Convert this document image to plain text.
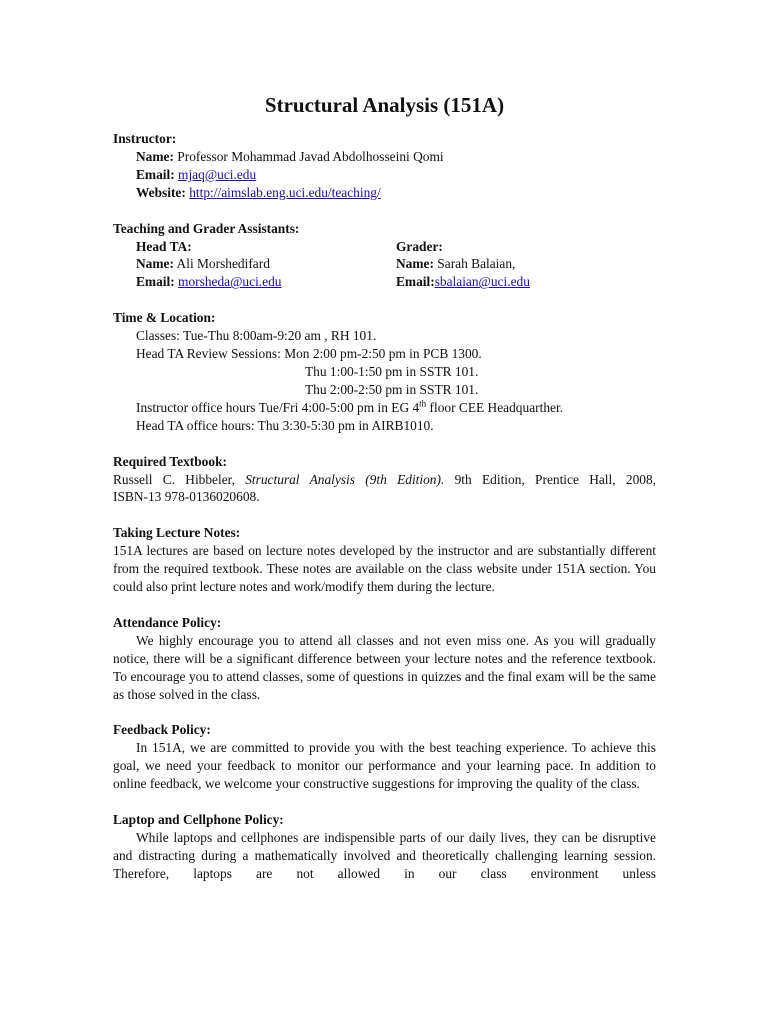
Structural Analysis (151A)
Instructor:
Name: Professor Mohammad Javad Abdolhosseini Qomi
Email: mjaq@uci.edu
Website: http://aimslab.eng.uci.edu/teaching/
Teaching and Grader Assistants:
Head TA:
Name: Ali Morshedifard
Email: morsheda@uci.edu
Grader:
Name: Sarah Balaian,
Email:sbalaian@uci.edu
Time & Location:
Classes: Tue-Thu 8:00am-9:20 am , RH 101.
Head TA Review Sessions: Mon 2:00 pm-2:50 pm in PCB 1300.
Thu 1:00-1:50 pm in SSTR 101.
Thu 2:00-2:50 pm in SSTR 101.
Instructor office hours Tue/Fri 4:00-5:00 pm in EG 4th floor CEE Headquarther.
Head TA office hours: Thu 3:30-5:30 pm in AIRB1010.
Required Textbook:
Russell C. Hibbeler, Structural Analysis (9th Edition). 9th Edition, Prentice Hall, 2008,
ISBN-13 978-0136020608.
Taking Lecture Notes:
151A lectures are based on lecture notes developed by the instructor and are substantially different from the required textbook. These notes are available on the class website under 151A section. You could also print lecture notes and work/modify them during the lecture.
Attendance Policy:
We highly encourage you to attend all classes and not even miss one. As you will gradually notice, there will be a significant difference between your lecture notes and the reference textbook. To encourage you to attend classes, some of questions in quizzes and the final exam will be the same as those solved in the class.
Feedback Policy:
In 151A, we are committed to provide you with the best teaching experience. To achieve this goal, we need your feedback to monitor our performance and your learning pace. In addition to online feedback, we welcome your constructive suggestions for improving the quality of the class.
Laptop and Cellphone Policy:
While laptops and cellphones are indispensible parts of our daily lives, they can be disruptive and distracting during a mathematically involved and theoretically challenging learning session. Therefore, laptops are not allowed in our class environment unless
